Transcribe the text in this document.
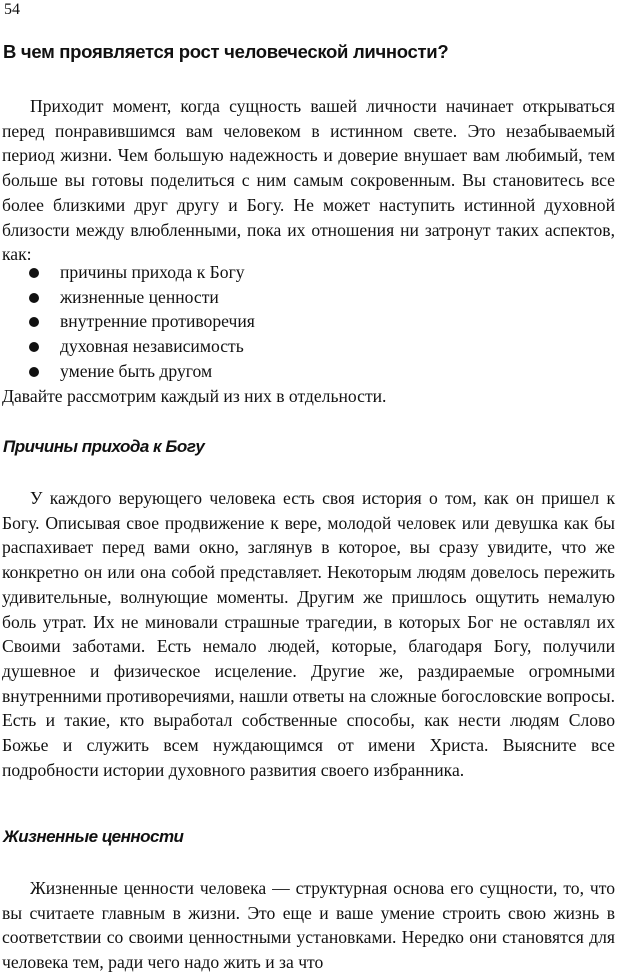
54
В чем проявляется рост человеческой личности?

Приходит момент, когда сущность вашей личности начинает открываться перед понравившимся вам человеком в истинном свете. Это незабываемый период жизни. Чем большую надежность и доверие внушает вам любимый, тем больше вы готовы поделиться с ним самым сокровенным. Вы становитесь все более близкими друг другу и Богу. Не может наступить истинной духовной близости между влюбленными, пока их отношения ни затронут таких аспектов, как:

причины прихода к Богу
жизненные ценности
внутренние противоречия
духовная независимость
умение быть другом

Давайте рассмотрим каждый из них в отдельности.

Причины прихода к Богу

У каждого верующего человека есть своя история о том, как он пришел к Богу. Описывая свое продвижение к вере, молодой человек или девушка как бы распахивает перед вами окно, заглянув в которое, вы сразу увидите, что же конкретно он или она собой представляет. Некоторым людям довелось пережить удивительные, волнующие моменты. Другим же пришлось ощутить немалую боль утрат. Их не миновали страшные трагедии, в которых Бог не оставлял их Своими заботами. Есть немало людей, которые, благодаря Богу, получили душевное и физическое исцеление. Другие же, раздираемые огромными внутренними противоречиями, нашли ответы на сложные богословские вопросы. Есть и такие, кто выработал собственные способы, как нести людям Слово Божье и служить всем нуждающимся от имени Христа. Выясните все подробности истории духовного развития своего избранника.

Жизненные ценности

Жизненные ценности человека — структурная основа его сущности, то, что вы считаете главным в жизни. Это еще и ваше умение строить свою жизнь в соответствии со своими ценностными установками. Нередко они становятся для человека тем, ради чего надо жить и за что
